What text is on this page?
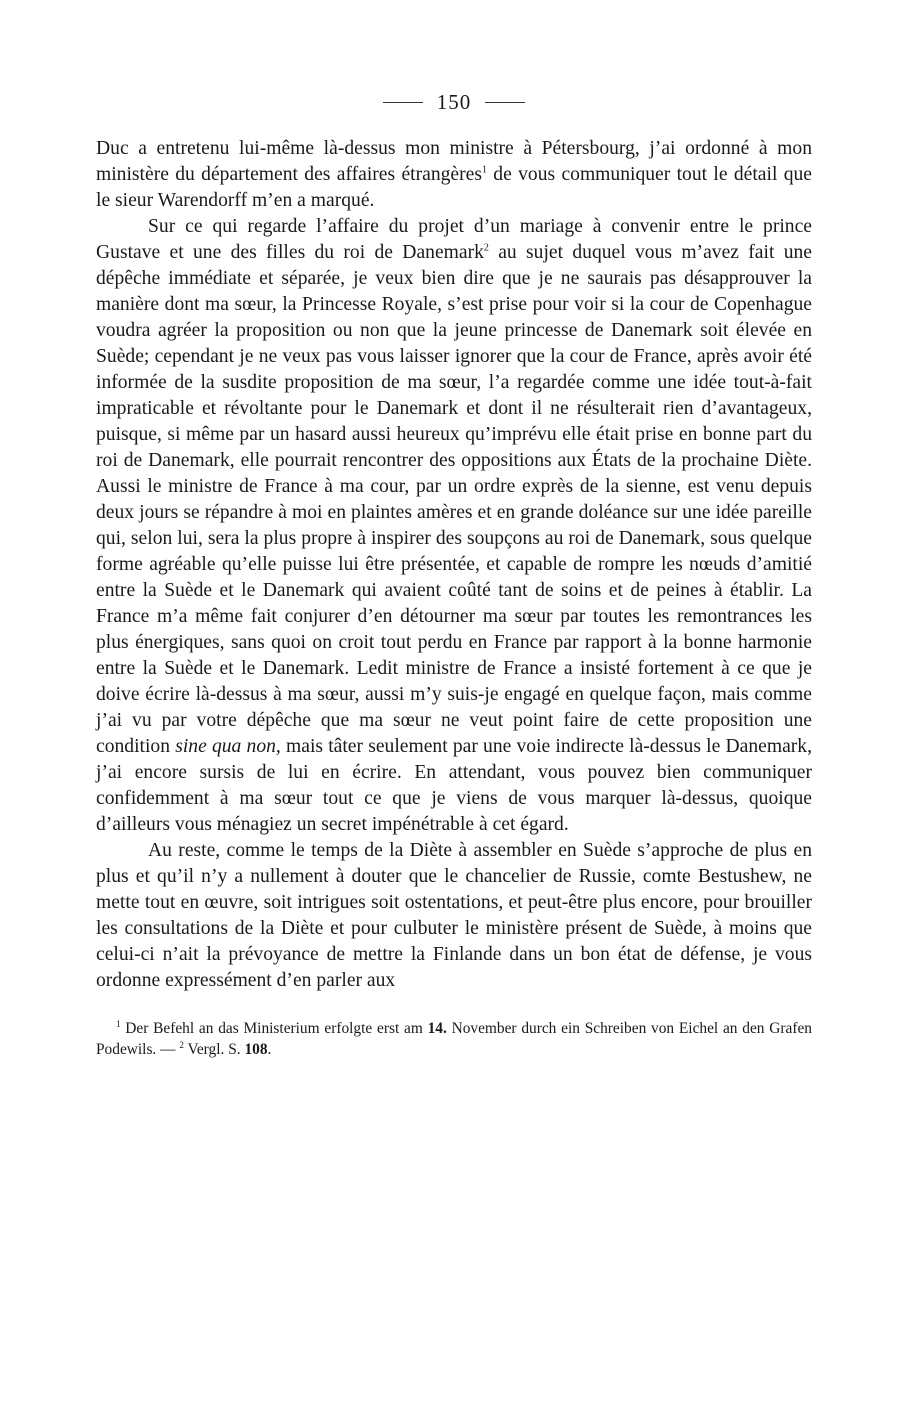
150

Duc a entretenu lui-même là-dessus mon ministre à Pétersbourg, j’ai ordonné à mon ministère du département des affaires étrangères$^1$ de vous communiquer tout le détail que le sieur Warendorff m’en a marqué.

Sur ce qui regarde l’affaire du projet d’un mariage à convenir entre le prince Gustave et une des filles du roi de Danemark$^2$ au sujet duquel vous m’avez fait une dépêche immédiate et séparée, je veux bien dire que je ne saurais pas désapprouver la manière dont ma sœur, la Princesse Royale, s’est prise pour voir si la cour de Copenhague voudra agréer la proposition ou non que la jeune princesse de Danemark soit élevée en Suède; cependant je ne veux pas vous laisser ignorer que la cour de France, après avoir été informée de la susdite proposition de ma sœur, l’a regardée comme une idée tout-à-fait impraticable et révoltante pour le Danemark et dont il ne résulterait rien d’avantageux, puisque, si même par un hasard aussi heureux qu’imprévu elle était prise en bonne part du roi de Danemark, elle pourrait rencontrer des oppositions aux États de la prochaine Diète. Aussi le ministre de France à ma cour, par un ordre exprès de la sienne, est venu depuis deux jours se répandre à moi en plaintes amères et en grande doléance sur une idée pareille qui, selon lui, sera la plus propre à inspirer des soupçons au roi de Danemark, sous quelque forme agréable qu’elle puisse lui être présentée, et capable de rompre les nœuds d’amitié entre la Suède et le Danemark qui avaient coûté tant de soins et de peines à établir. La France m’a même fait conjurer d’en détourner ma sœur par toutes les remontrances les plus énergiques, sans quoi on croit tout perdu en France par rapport à la bonne harmonie entre la Suède et le Danemark. Ledit ministre de France a insisté fortement à ce que je doive écrire là-dessus à ma sœur, aussi m’y suis-je engagé en quelque façon, mais comme j’ai vu par votre dépêche que ma sœur ne veut point faire de cette proposition une condition sine qua non, mais tâter seulement par une voie indirecte là-dessus le Danemark, j’ai encore sursis de lui en écrire. En attendant, vous pouvez bien communiquer confidemment à ma sœur tout ce que je viens de vous marquer là-dessus, quoique d’ailleurs vous ménagiez un secret impénétrable à cet égard.

Au reste, comme le temps de la Diète à assembler en Suède s’approche de plus en plus et qu’il n’y a nullement à douter que le chancelier de Russie, comte Bestushew, ne mette tout en œuvre, soit intrigues soit ostentations, et peut-être plus encore, pour brouiller les consultations de la Diète et pour culbuter le ministère présent de Suède, à moins que celui-ci n’ait la prévoyance de mettre la Finlande dans un bon état de défense, je vous ordonne expressément d’en parler aux

$^1$ Der Befehl an das Ministerium erfolgte erst am 14. November durch ein Schreiben von Eichel an den Grafen Podewils. — $^2$ Vergl. S. 108.
